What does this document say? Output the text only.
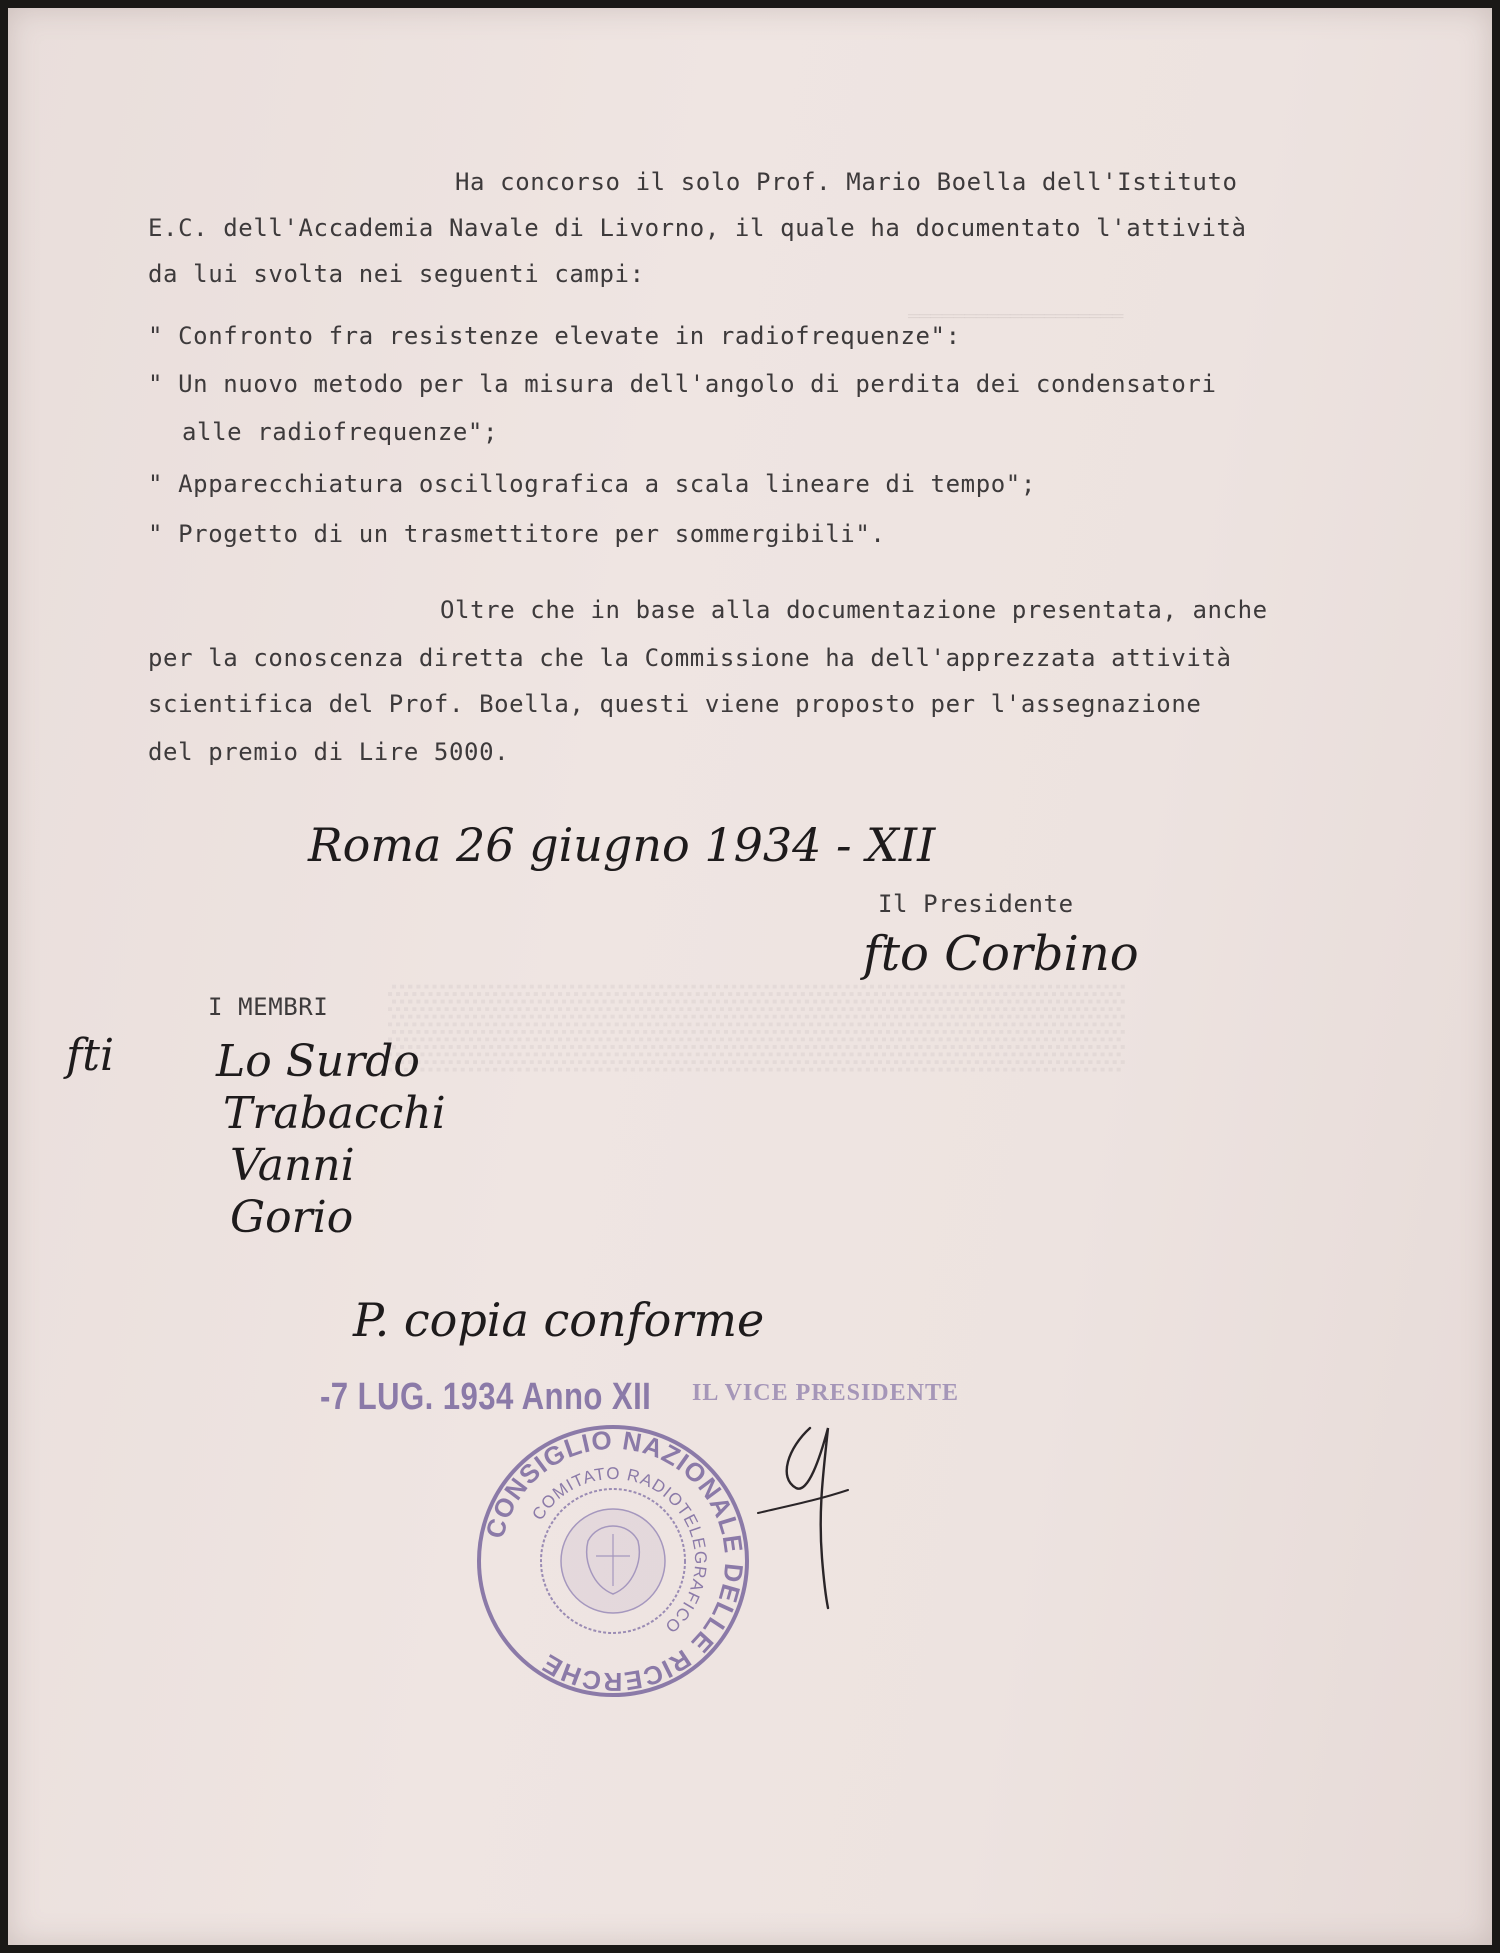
═══════════════════
▒▒▒▒▒▒▒▒▒▒▒▒▒
Ha concorso il solo Prof. Mario Boella dell'Istituto
E.C. dell'Accademia Navale di Livorno, il quale ha documentato l'attività
da lui svolta nei seguenti campi:
" Confronto fra resistenze elevate in radiofrequenze":
" Un nuovo metodo per la misura dell'angolo di perdita dei condensatori
alle radiofrequenze";
" Apparecchiatura oscillografica a scala lineare di tempo";
" Progetto di un trasmettitore per sommergibili".
Oltre che in base alla documentazione presentata, anche
per la conoscenza diretta che la Commissione ha dell'apprezzata attività
scientifica del Prof. Boella, questi viene proposto per l'assegnazione
del premio di Lire 5000.
Roma 26 giugno 1934 - XII
Il Presidente
fto Corbino
I MEMBRI
fti Lo Surdo
Trabacchi
Vanni
Gorio
P. copia conforme
-7 LUG. 1934 Anno XII IL VICE PRESIDENTE
CONSIGLIO NAZIONALE DELLE RICERCHE
COMITATO RADIOTELEGRAFICO
